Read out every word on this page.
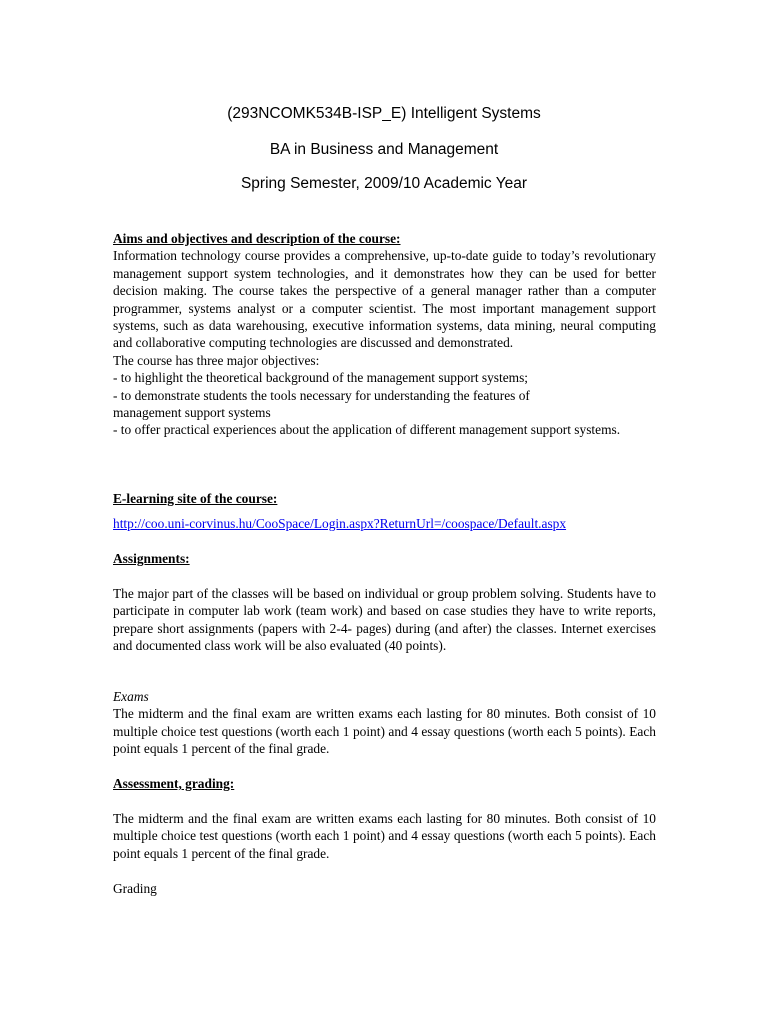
(293NCOMK534B-ISP_E) Intelligent Systems
BA in Business and Management
Spring Semester, 2009/10 Academic Year

Aims and objectives and description of the course:

Information technology course provides a comprehensive, up-to-date guide to today’s revolutionary management support system technologies, and it demonstrates how they can be used for better decision making. The course takes the perspective of a general manager rather than a computer programmer, systems analyst or a computer scientist. The most important management support systems, such as data warehousing, executive information systems, data mining, neural computing and collaborative computing technologies are discussed and demonstrated.

The course has three major objectives:

- to highlight the theoretical background of the management support systems;

- to demonstrate students the tools necessary for understanding the features of management support systems

- to offer practical experiences about the application of different management support systems.

E-learning site of the course:

http://coo.uni-corvinus.hu/CooSpace/Login.aspx?ReturnUrl=/coospace/Default.aspx

Assignments:

The major part of the classes will be based on individual or group problem solving. Students have to participate in computer lab work (team work) and based on case studies they have to write reports, prepare short assignments (papers with 2-4- pages) during (and after) the classes. Internet exercises and documented class work will be also evaluated (40 points).

Exams

The midterm and the final exam are written exams each lasting for 80 minutes. Both consist of 10 multiple choice test questions (worth each 1 point) and 4 essay questions (worth each 5 points). Each point equals 1 percent of the final grade.

Assessment, grading:

The midterm and the final exam are written exams each lasting for 80 minutes. Both consist of 10 multiple choice test questions (worth each 1 point) and 4 essay questions (worth each 5 points). Each point equals 1 percent of the final grade.

Grading
